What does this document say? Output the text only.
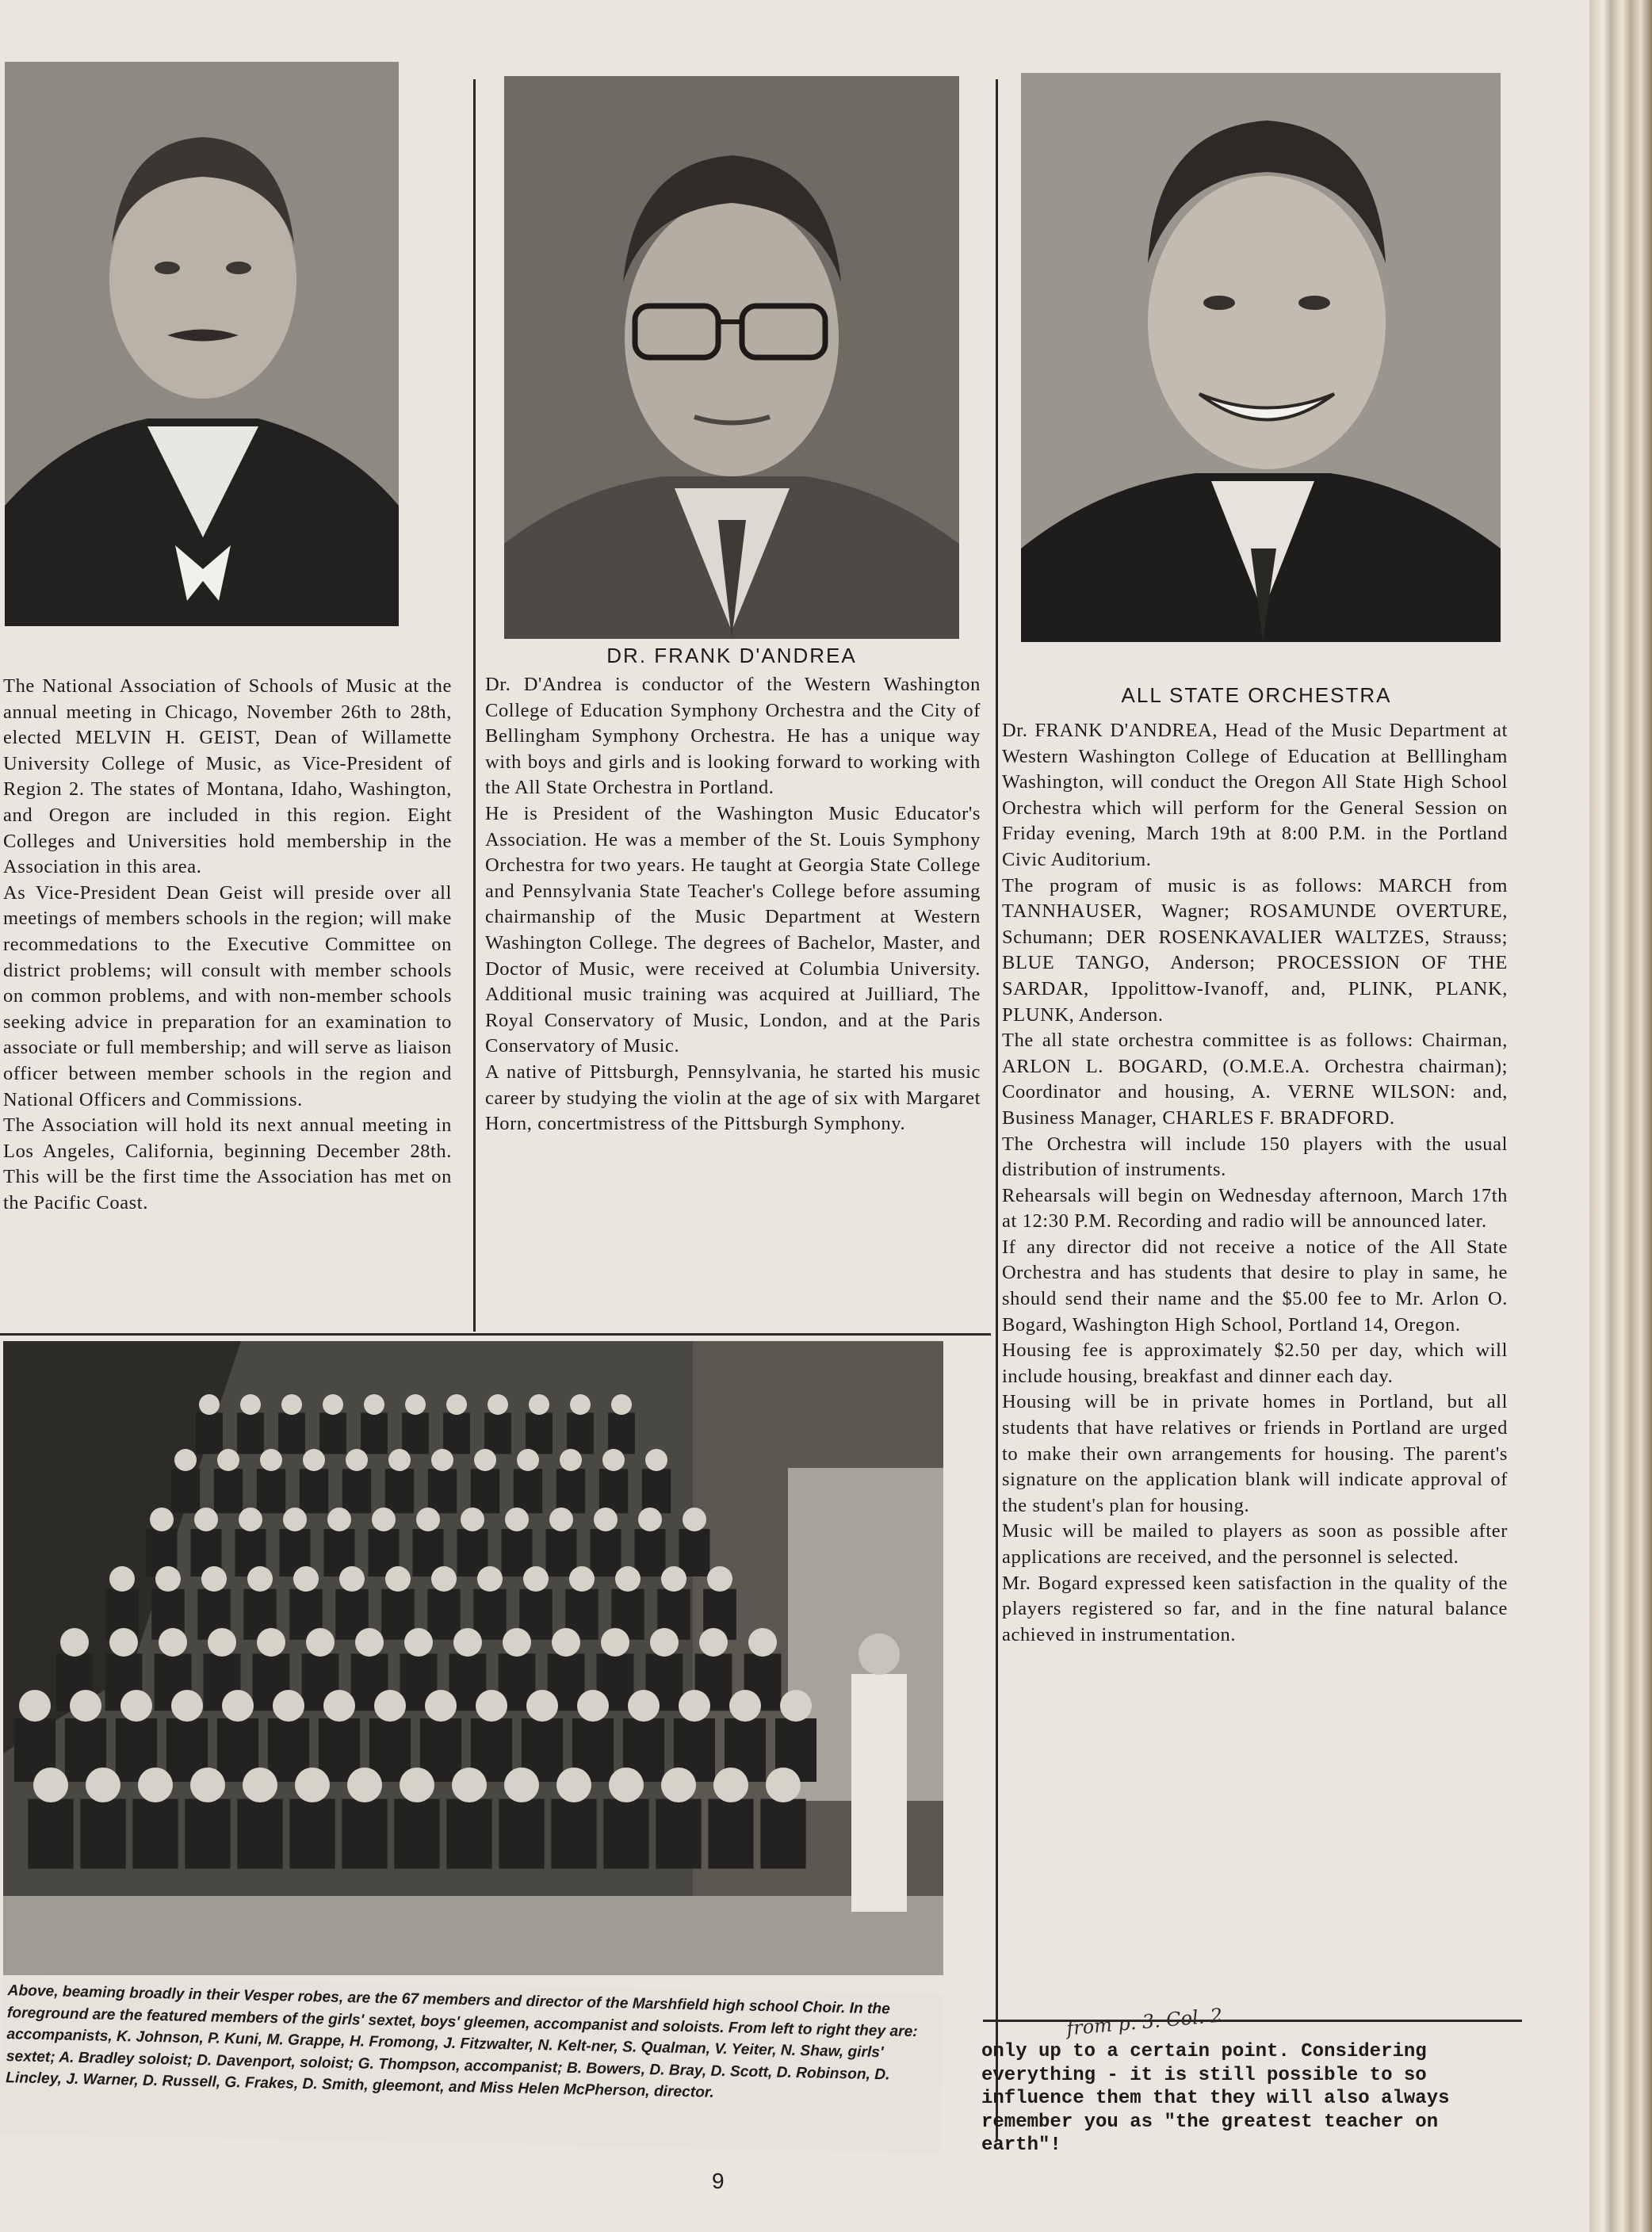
DR. FRANK D'ANDREA

The National Association of Schools of Music at the annual meeting in Chicago, November 26th to 28th, elected MELVIN H. GEIST, Dean of Willamette University College of Music, as Vice-President of Region 2. The states of Montana, Idaho, Washington, and Oregon are included in this region. Eight Colleges and Universities hold membership in the Association in this area.

As Vice-President Dean Geist will preside over all meetings of members schools in the region; will make recommedations to the Executive Committee on district problems; will consult with member schools on common problems, and with non-member schools seeking advice in preparation for an examination to associate or full membership; and will serve as liaison officer between member schools in the region and National Officers and Commissions.

The Association will hold its next annual meeting in Los Angeles, California, beginning December 28th. This will be the first time the Association has met on the Pacific Coast.

Dr. D'Andrea is conductor of the Western Washington College of Education Symphony Orchestra and the City of Bellingham Symphony Orchestra. He has a unique way with boys and girls and is looking forward to working with the All State Orchestra in Portland.

He is President of the Washington Music Educator's Association. He was a member of the St. Louis Symphony Orchestra for two years. He taught at Georgia State College and Pennsylvania State Teacher's College before assuming chairmanship of the Music Department at Western Washington College. The degrees of Bachelor, Master, and Doctor of Music, were received at Columbia University. Additional music training was acquired at Juilliard, The Royal Conservatory of Music, London, and at the Paris Conservatory of Music.

A native of Pittsburgh, Pennsylvania, he started his music career by studying the violin at the age of six with Margaret Horn, concertmistress of the Pittsburgh Symphony.

ALL STATE ORCHESTRA

Dr. FRANK D'ANDREA, Head of the Music Department at Western Washington College of Education at Belllingham Washington, will conduct the Oregon All State High School Orchestra which will perform for the General Session on Friday evening, March 19th at 8:00 P.M. in the Portland Civic Auditorium.

The program of music is as follows: MARCH from TANNHAUSER, Wagner; ROSAMUNDE OVERTURE, Schumann; DER ROSENKAVALIER WALTZES, Strauss; BLUE TANGO, Anderson; PROCESSION OF THE SARDAR, Ippolittow-Ivanoff, and, PLINK, PLANK, PLUNK, Anderson.

The all state orchestra committee is as follows: Chairman, ARLON L. BOGARD, (O.M.E.A. Orchestra chairman); Coordinator and housing, A. VERNE WILSON: and, Business Manager, CHARLES F. BRADFORD.

The Orchestra will include 150 players with the usual distribution of instruments.

Rehearsals will begin on Wednesday afternoon, March 17th at 12:30 P.M. Recording and radio will be announced later.

If any director did not receive a notice of the All State Orchestra and has students that desire to play in same, he should send their name and the $5.00 fee to Mr. Arlon O. Bogard, Washington High School, Portland 14, Oregon.

Housing fee is approximately $2.50 per day, which will include housing, breakfast and dinner each day.

Housing will be in private homes in Portland, but all students that have relatives or friends in Portland are urged to make their own arrangements for housing. The parent's signature on the application blank will indicate approval of the student's plan for housing.

Music will be mailed to players as soon as possible after applications are received, and the personnel is selected.

Mr. Bogard expressed keen satisfaction in the quality of the players registered so far, and in the fine natural balance achieved in instrumentation.

Above, beaming broadly in their Vesper robes, are the 67 members and director of the Marshfield high school Choir. In the foreground are the featured members of the girls' sextet, boys' gleemen, accompanist and soloists. From left to right they are: accompanists, K. Johnson, P. Kuni, M. Grappe, H. Fromong, J. Fitzwalter, N. Kelt-ner, S. Qualman, V. Yeiter, N. Shaw, girls' sextet; A. Bradley soloist; D. Davenport, soloist; G. Thompson, accompanist; B. Bowers, D. Bray, D. Scott, D. Robinson, D. Lincley, J. Warner, D. Russell, G. Frakes, D. Smith, gleemont, and Miss Helen McPherson, director.
from p. 3. Col. 2
only up to a certain point. Considering everything - it is still possible to so influence them that they will also always remember you as "the greatest teacher on earth"!
9
